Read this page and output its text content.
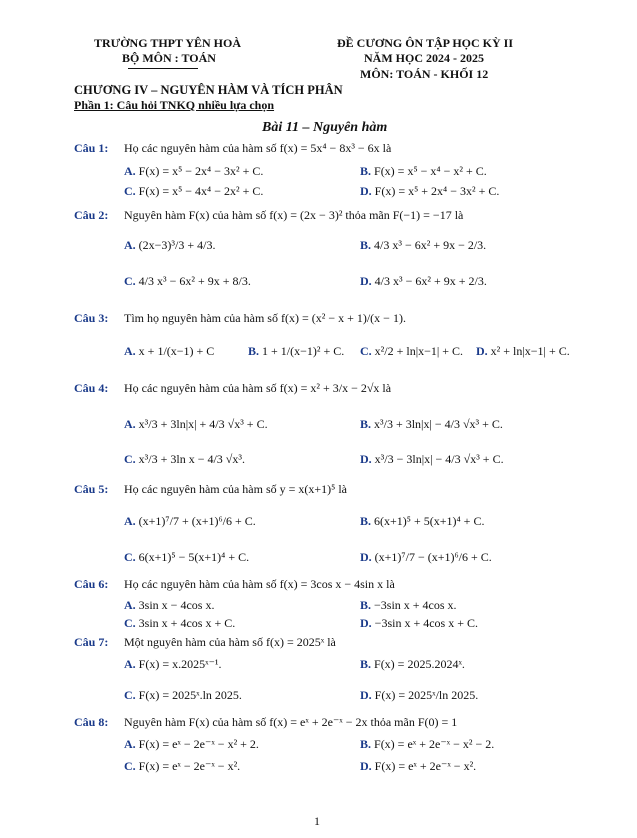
TRƯỜNG THPT YÊN HOÀ
BỘ MÔN : TOÁN
ĐỀ CƯƠNG ÔN TẬP HỌC KỲ II
NĂM HỌC 2024 - 2025
MÔN: TOÁN - KHỐI 12
CHƯƠNG IV – NGUYÊN HÀM VÀ TÍCH PHÂN
Phần 1: Câu hỏi TNKQ nhiều lựa chọn
Bài 11 – Nguyên hàm
Câu 1: Họ các nguyên hàm của hàm số f(x) = 5x⁴ − 8x³ − 6x là
A. F(x) = x⁵ − 2x⁴ − 3x² + C.	B. F(x) = x⁵ − x⁴ − x² + C.
C. F(x) = x⁵ − 4x⁴ − 2x² + C.	D. F(x) = x⁵ + 2x⁴ − 3x² + C.
Câu 2: Nguyên hàm F(x) của hàm số f(x) = (2x − 3)² thỏa mãn F(−1) = −17 là
A. (2x−3)³/3 + 4/3.	B. 4/3 x³ − 6x² + 9x − 2/3.
C. 4/3 x³ − 6x² + 9x + 8/3.	D. 4/3 x³ − 6x² + 9x + 2/3.
Câu 3: Tìm họ nguyên hàm của hàm số f(x) = (x² − x + 1)/(x − 1).
A. x + 1/(x−1) + C	B. 1 + 1/(x−1)² + C. C. x²/2 + ln|x−1| + C. D. x² + ln|x−1| + C.
Câu 4: Họ các nguyên hàm của hàm số f(x) = x² + 3/x − 2√x là
A. x³/3 + 3ln|x| + 4/3 √x³ + C.	B. x³/3 + 3ln|x| − 4/3 √x³ + C.
C. x³/3 + 3ln x − 4/3 √x³.	D. x³/3 − 3ln|x| − 4/3 √x³ + C.
Câu 5: Họ các nguyên hàm của hàm số y = x(x+1)⁵ là
A. (x+1)⁷/7 + (x+1)⁶/6 + C.	B. 6(x+1)⁵ + 5(x+1)⁴ + C.
C. 6(x+1)⁵ − 5(x+1)⁴ + C.	D. (x+1)⁷/7 − (x+1)⁶/6 + C.
Câu 6: Họ các nguyên hàm của hàm số f(x) = 3cos x − 4sin x là
A. 3sin x − 4cos x.	B. −3sin x + 4cos x.
C. 3sin x + 4cos x + C.	D. −3sin x + 4cos x + C.
Câu 7: Một nguyên hàm của hàm số f(x) = 2025ˣ là
A. F(x) = x.2025ˣ⁻¹.	B. F(x) = 2025.2024ˣ.
C. F(x) = 2025ˣ.ln 2025.	D. F(x) = 2025ˣ/ln 2025.
Câu 8: Nguyên hàm F(x) của hàm số f(x) = eˣ + 2e⁻ˣ − 2x thỏa mãn F(0) = 1
A. F(x) = eˣ − 2e⁻ˣ − x² + 2.	B. F(x) = eˣ + 2e⁻ˣ − x² − 2.
C. F(x) = eˣ − 2e⁻ˣ − x².	D. F(x) = eˣ + 2e⁻ˣ − x².
1
